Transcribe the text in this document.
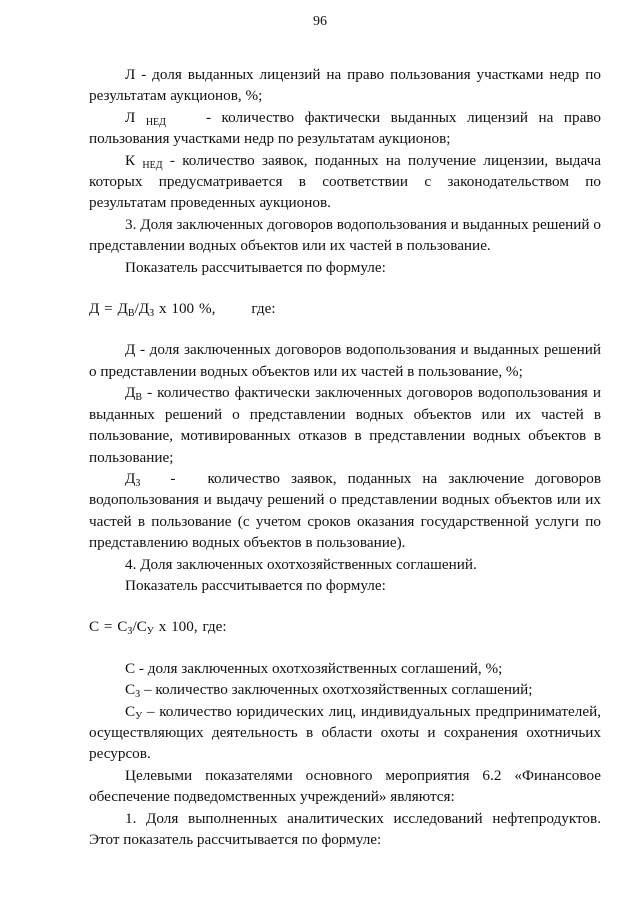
96

Л - доля выданных лицензий на право пользования участками недр по результатам аукционов, %;

Л $_{НЕД}$	- количество фактически выданных лицензий на право пользования участками недр по результатам аукционов;

К $_{НЕД}$ - количество заявок, поданных на получение лицензии, выдача которых предусматривается в соответствии с законодательством по результатам проведенных аукционов.

3. Доля заключенных договоров водопользования и выданных решений о представлении водных объектов или их частей в пользование.

Показатель рассчитывается по формуле:

$Д = Д_В/Д_З$ х 100 %, где:

Д - доля заключенных договоров водопользования и выданных решений о представлении водных объектов или их частей в пользование, %;

$Д_В$ - количество фактически заключенных договоров водопользования и выданных решений о представлении водных объектов или их частей в пользование, мотивированных отказов в представлении водных объектов в пользование;

$Д_З$ - количество заявок, поданных на заключение договоров водопользования и выдачу решений о представлении водных объектов или их частей в пользование (с учетом сроков оказания государственной услуги по представлению водных объектов в пользование).

4. Доля заключенных охотхозяйственных соглашений.

Показатель рассчитывается по формуле:

$С = С_З/С_У$ х 100, где:

С - доля заключенных охотхозяйственных соглашений, %;

$С_З$ – количество заключенных охотхозяйственных соглашений;

$С_У$ – количество юридических лиц, индивидуальных предпринимателей, осуществляющих деятельность в области охоты и сохранения охотничьих ресурсов.

Целевыми показателями основного мероприятия 6.2 «Финансовое обеспечение подведомственных учреждений» являются:

1. Доля выполненных аналитических исследований нефтепродуктов. Этот показатель рассчитывается по формуле:
